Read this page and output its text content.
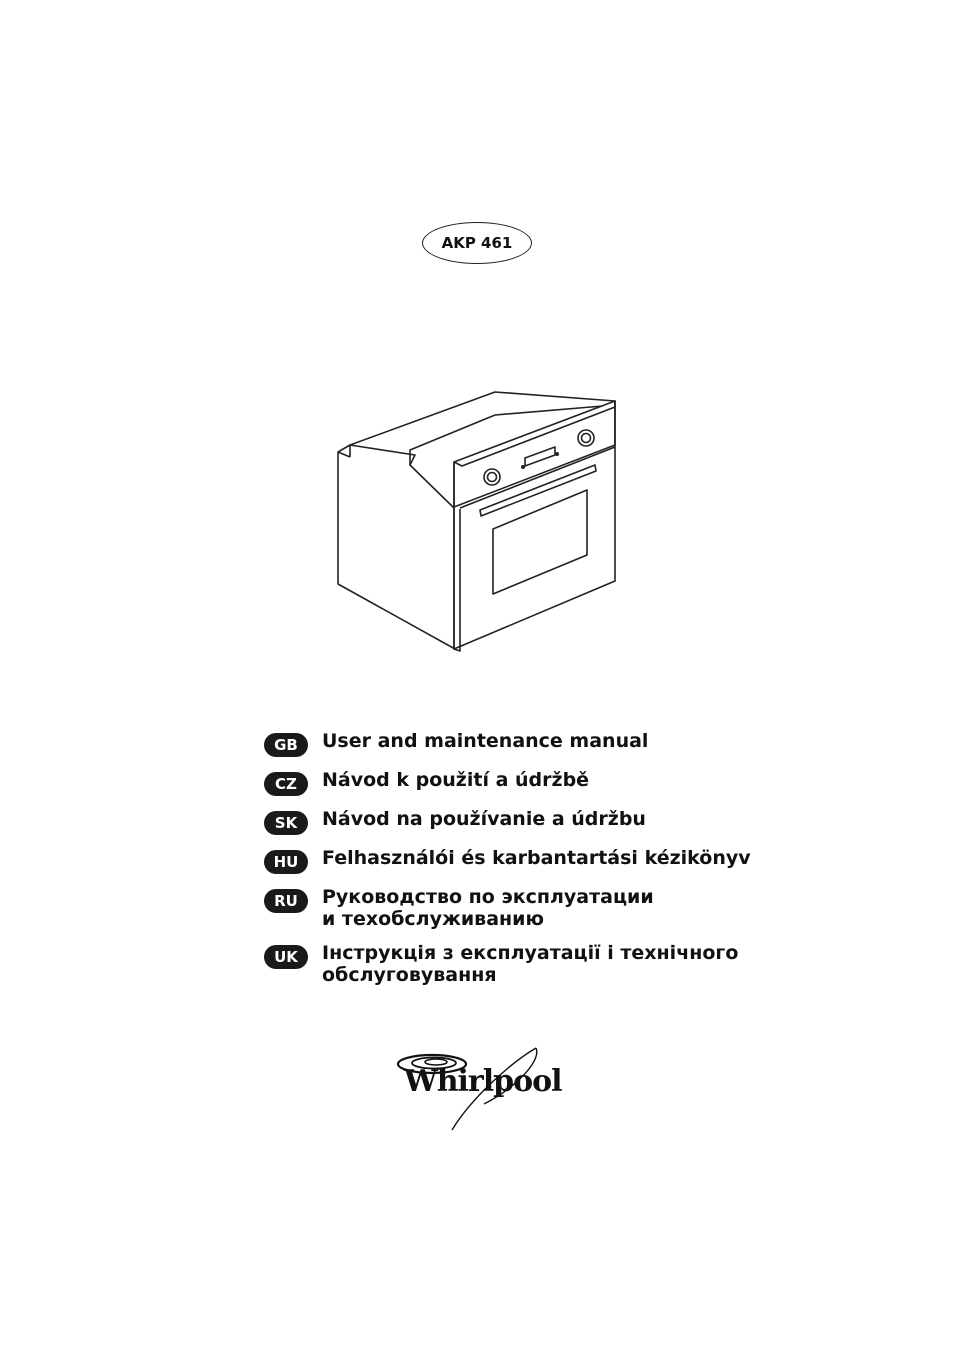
AKP 461
GB	User and maintenance manual
CZ	Návod k použití a údržbě
SK	Návod na používanie a údržbu
HU	Felhasználói és karbantartási kézikönyv
RU	Руководство по эксплуатации
и техобслуживанию
UK	Інструкція з експлуатації і технічного
обслуговування
Whirlpool
